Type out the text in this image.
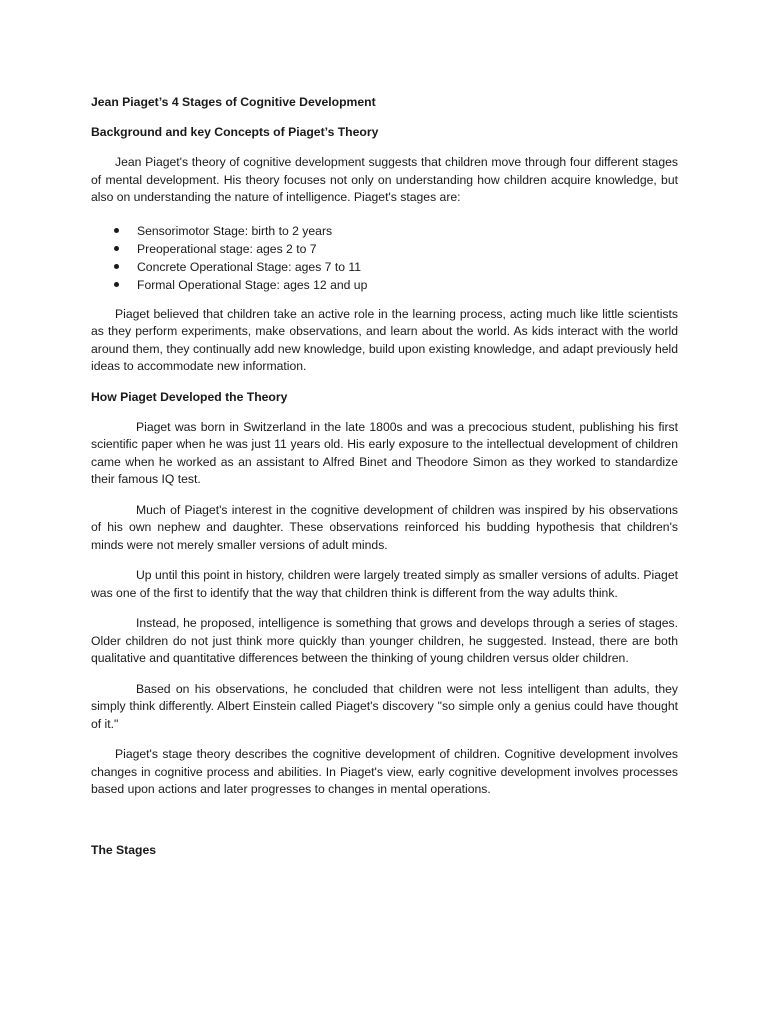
Jean Piaget’s 4 Stages of Cognitive Development

Background and key Concepts of Piaget’s Theory

Jean Piaget's theory of cognitive development suggests that children move through four different stages of mental development. His theory focuses not only on understanding how children acquire knowledge, but also on understanding the nature of intelligence. Piaget's stages are:

Sensorimotor Stage: birth to 2 years
Preoperational stage: ages 2 to 7
Concrete Operational Stage: ages 7 to 11
Formal Operational Stage: ages 12 and up

Piaget believed that children take an active role in the learning process, acting much like little scientists as they perform experiments, make observations, and learn about the world. As kids interact with the world around them, they continually add new knowledge, build upon existing knowledge, and adapt previously held ideas to accommodate new information.

How Piaget Developed the Theory

Piaget was born in Switzerland in the late 1800s and was a precocious student, publishing his first scientific paper when he was just 11 years old. His early exposure to the intellectual development of children came when he worked as an assistant to Alfred Binet and Theodore Simon as they worked to standardize their famous IQ test.

Much of Piaget's interest in the cognitive development of children was inspired by his observations of his own nephew and daughter. These observations reinforced his budding hypothesis that children's minds were not merely smaller versions of adult minds.

Up until this point in history, children were largely treated simply as smaller versions of adults. Piaget was one of the first to identify that the way that children think is different from the way adults think.

Instead, he proposed, intelligence is something that grows and develops through a series of stages. Older children do not just think more quickly than younger children, he suggested. Instead, there are both qualitative and quantitative differences between the thinking of young children versus older children.

Based on his observations, he concluded that children were not less intelligent than adults, they simply think differently. Albert Einstein called Piaget's discovery "so simple only a genius could have thought of it."

Piaget's stage theory describes the cognitive development of children. Cognitive development involves changes in cognitive process and abilities. In Piaget's view, early cognitive development involves processes based upon actions and later progresses to changes in mental operations.

The Stages
